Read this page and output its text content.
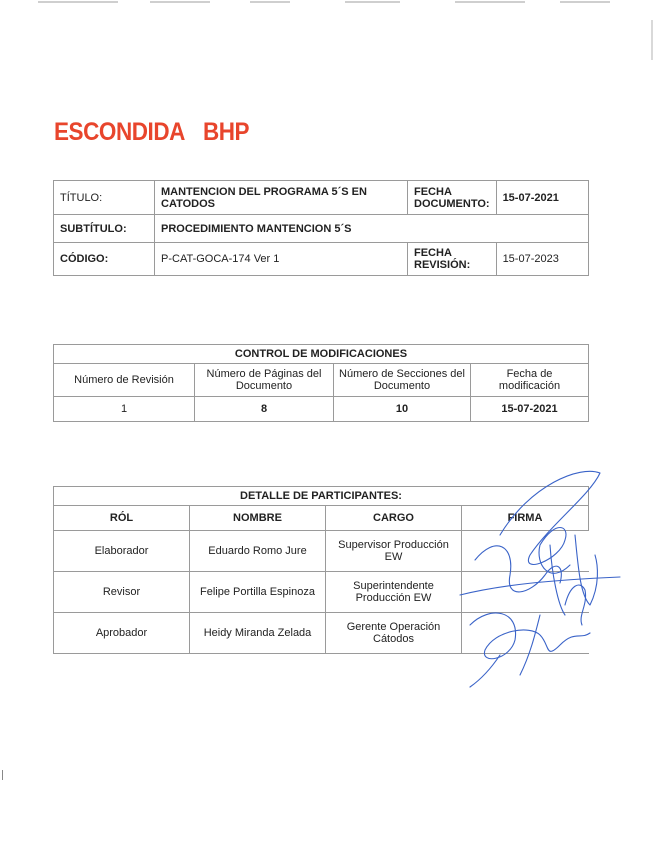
ESCONDIDA BHP
TÍTULO:	MANTENCION DEL PROGRAMA 5´S EN CATODOS	FECHA DOCUMENTO:	15-07-2021
SUBTÍTULO:	PROCEDIMIENTO MANTENCION 5´S		
CÓDIGO:	P-CAT-GOCA-174 Ver 1	FECHA REVISIÓN:	15-07-2023
CONTROL DE MODIFICACIONES			
Número de Revisión	Número de Páginas del Documento	Número de Secciones del Documento	Fecha de modificación
1	8	10	15-07-2021
DETALLE DE PARTICIPANTES:			
RÓL	NOMBRE	CARGO	FIRMA
Elaborador	Eduardo Romo Jure	Supervisor Producción EW	
Revisor	Felipe Portilla Espinoza	Superintendente Producción EW	
Aprobador	Heidy Miranda Zelada	Gerente Operación Cátodos	
